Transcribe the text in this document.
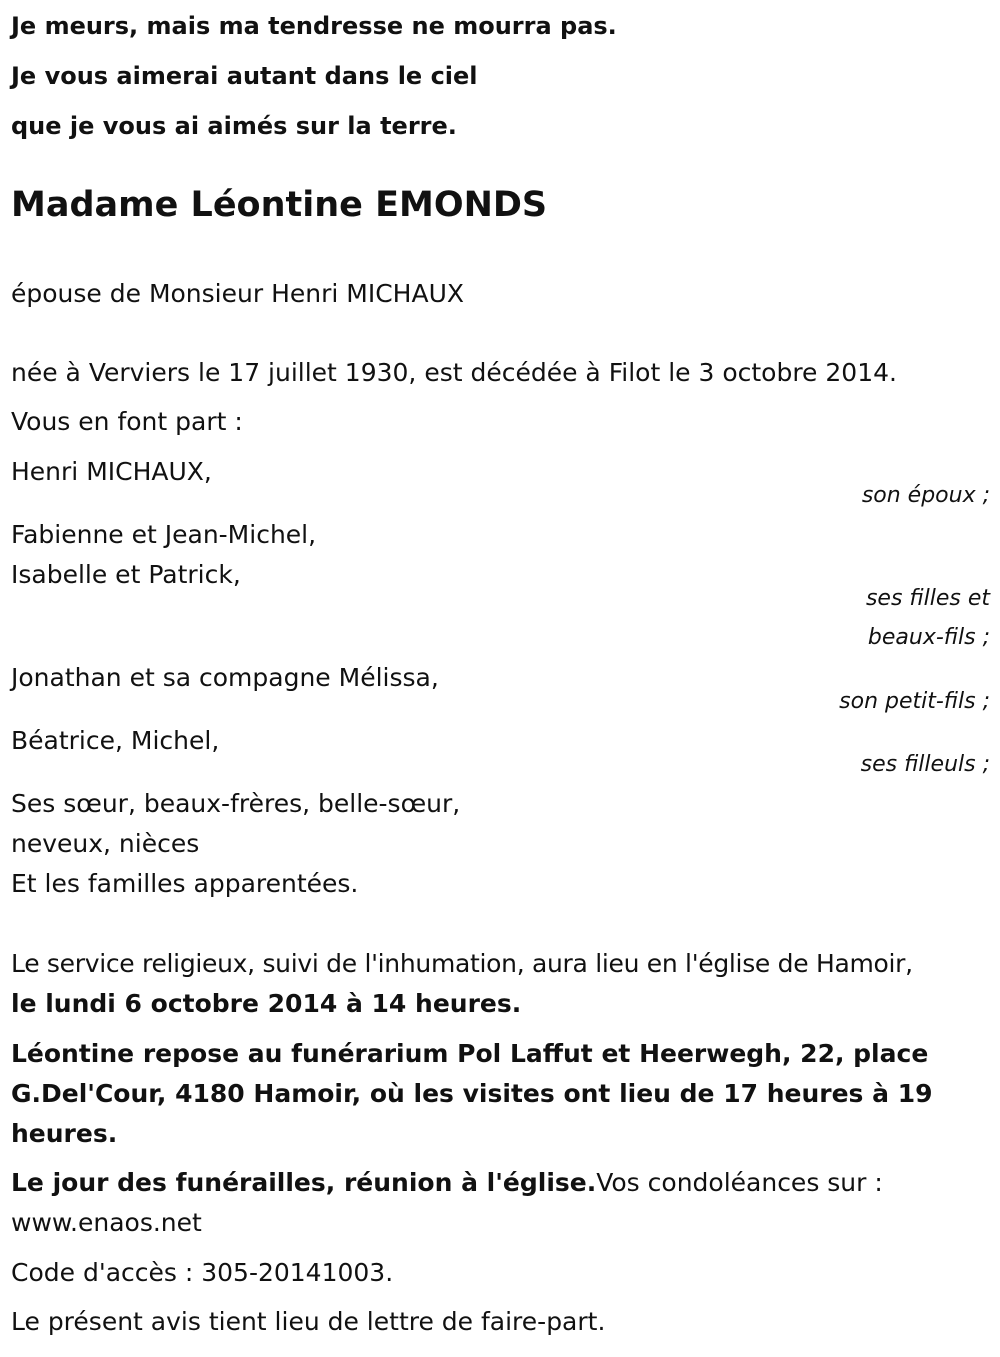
Je meurs, mais ma tendresse ne mourra pas.
Je vous aimerai autant dans le ciel
que je vous ai aimés sur la terre.
Madame Léontine EMONDS
épouse de Monsieur Henri MICHAUX
née à Verviers le 17 juillet 1930, est décédée à Filot le 3 octobre 2014.
Vous en font part :
Henri MICHAUX,
son époux ;
Fabienne et Jean-Michel,
Isabelle et Patrick,
ses filles et
beaux-fils ;
Jonathan et sa compagne Mélissa,
son petit-fils ;
Béatrice, Michel,
ses filleuls ;
Ses sœur, beaux-frères, belle-sœur,
neveux, nièces
Et les familles apparentées.
Le service religieux, suivi de l'inhumation, aura lieu en l'église de Hamoir,
le lundi 6 octobre 2014 à 14 heures.
Léontine repose au funérarium Pol Laffut et Heerwegh, 22, place
G.Del'Cour, 4180 Hamoir, où les visites ont lieu de 17 heures à 19
heures.
Le jour des funérailles, réunion à l'église.Vos condoléances sur :
www.enaos.net
Code d'accès : 305-20141003.
Le présent avis tient lieu de lettre de faire-part.
